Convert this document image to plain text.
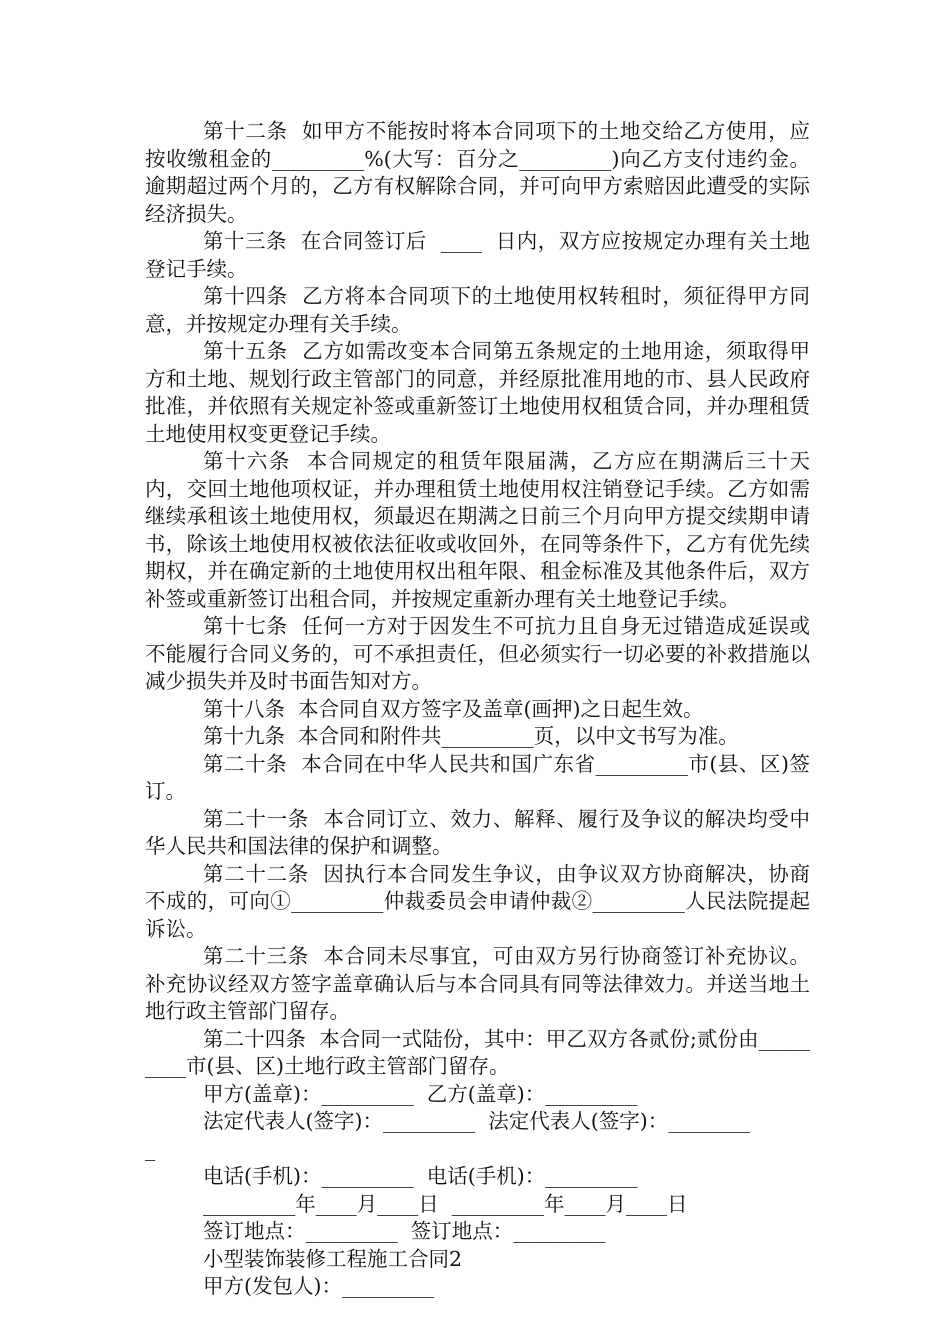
第十二条  如甲方不能按时将本合同项下的土地交给乙方使用，应按收缴租金的_________%(大写：百分之_________)向乙方支付违约金。逾期超过两个月的，乙方有权解除合同，并可向甲方索赔因此遭受的实际经济损失。

第十三条  在合同签订后  ____  日内，双方应按规定办理有关土地登记手续。

第十四条  乙方将本合同项下的土地使用权转租时，须征得甲方同意，并按规定办理有关手续。

第十五条  乙方如需改变本合同第五条规定的土地用途，须取得甲方和土地、规划行政主管部门的同意，并经原批准用地的市、县人民政府批准，并依照有关规定补签或重新签订土地使用权租赁合同，并办理租赁土地使用权变更登记手续。

第十六条  本合同规定的租赁年限届满，乙方应在期满后三十天内，交回土地他项权证，并办理租赁土地使用权注销登记手续。乙方如需继续承租该土地使用权，须最迟在期满之日前三个月向甲方提交续期申请书，除该土地使用权被依法征收或收回外，在同等条件下，乙方有优先续期权，并在确定新的土地使用权出租年限、租金标准及其他条件后，双方补签或重新签订出租合同，并按规定重新办理有关土地登记手续。

第十七条  任何一方对于因发生不可抗力且自身无过错造成延误或不能履行合同义务的，可不承担责任，但必须实行一切必要的补救措施以减少损失并及时书面告知对方。

第十八条  本合同自双方签字及盖章(画押)之日起生效。

第十九条  本合同和附件共_________页，以中文书写为准。

第二十条  本合同在中华人民共和国广东省_________市(县、区)签订。

第二十一条  本合同订立、效力、解释、履行及争议的解决均受中华人民共和国法律的保护和调整。

第二十二条  因执行本合同发生争议，由争议双方协商解决，协商不成的，可向①_________仲裁委员会申请仲裁②_________人民法院提起诉讼。

第二十三条  本合同未尽事宜，可由双方另行协商签订补充协议。补充协议经双方签字盖章确认后与本合同具有同等法律效力。并送当地土地行政主管部门留存。

第二十四条  本合同一式陆份，其中：甲乙双方各贰份;贰份由_________市(县、区)土地行政主管部门留存。

甲方(盖章)：_________  乙方(盖章)：_________
法定代表人(签字)：_________  法定代表人(签字)：________
_
电话(手机)：_________  电话(手机)：_________
_________年____月____日  _________年____月____日
签订地点：_________  签订地点：_________
小型装饰装修工程施工合同2
甲方(发包人)：_________
